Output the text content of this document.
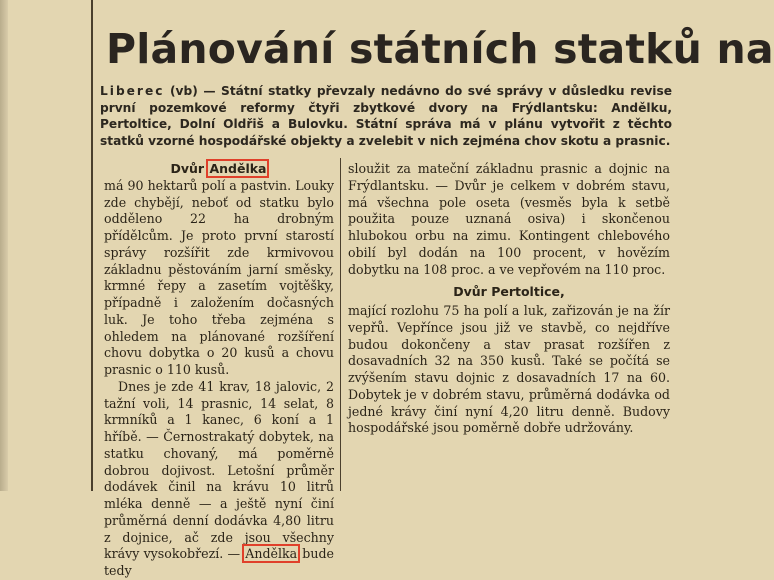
Plánování státních statků na
Liberec (vb) — Státní statky převzaly nedávno do své správy v důsledku revise první pozemkové reformy čtyři zbytkové dvory na Frýdlantsku: Andělku, Pertoltice, Dolní Oldřiš a Bulovku. Státní správa má v plánu vytvořit z těchto statků vzorné hospodářské objekty a zvelebit v nich zejména chov skotu a prasnic.
Dvůr Andělka
má 90 hektarů polí a pastvin. Louky zde chybějí, neboť od statku bylo odděleno 22 ha drobným přídělcům. Je proto první starostí správy rozšířit zde krmivovou základnu pěstováním jarní směsky, krmné řepy a zasetím vojtěšky, případně i založením dočasných luk. Je toho třeba zejména s ohledem na plánované rozšíření chovu dobytka o 20 kusů a chovu prasnic o 110 kusů.
Dnes je zde 41 krav, 18 jalovic, 2 tažní voli, 14 prasnic, 14 selat, 8 krmníků a 1 kanec, 6 koní a 1 hříbě. — Černostrakatý dobytek, na statku chovaný, má poměrně dobrou dojivost. Letošní průměr dodávek činil na krávu 10 litrů mléka denně — a ještě nyní činí průměrná denní dodávka 4,80 litru z dojnice, ač zde jsou všechny krávy vysokobřezí. — Andělka bude tedy
sloužit za mateční základnu prasnic a dojnic na Frýdlantsku. — Dvůr je celkem v dobrém stavu, má všechna pole oseta (vesměs byla k setbě použita pouze uznaná osiva) i skončenou hlubokou orbu na zimu. Kontingent chlebového obilí byl dodán na 100 procent, v hovězím dobytku na 108 proc. a ve vepřovém na 110 proc.
Dvůr Pertoltice,
mající rozlohu 75 ha polí a luk, zařizován je na žír vepřů. Vepřínce jsou již ve stavbě, co nejdříve budou dokončeny a stav prasat rozšířen z dosavadních 32 na 350 kusů. Také se počítá se zvýšením stavu dojnic z dosavadních 17 na 60. Dobytek je v dobrém stavu, průměrná dodávka od jedné krávy činí nyní 4,20 litru denně. Budovy hospodářské jsou poměrně dobře udržovány.
